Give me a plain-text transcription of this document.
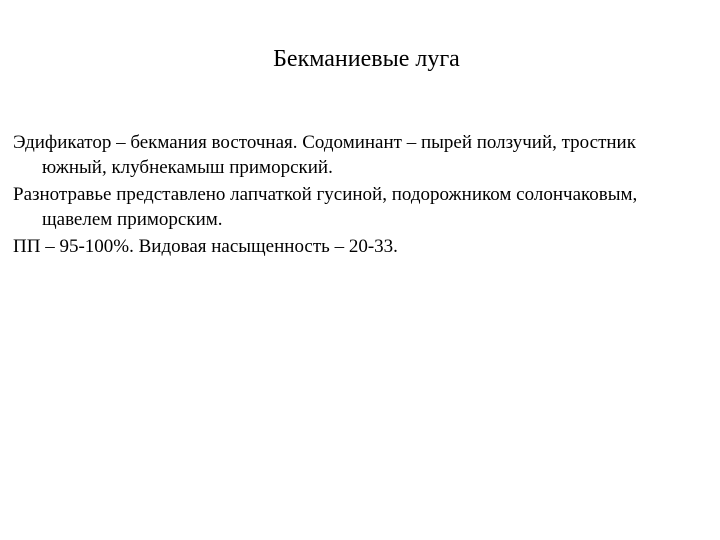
Бекманиевые луга
Эдификатор – бекмания восточная. Содоминант – пырей ползучий, тростник южный, клубнекамыш приморский.
Разнотравье представлено лапчаткой гусиной, подорожником солончаковым, щавелем приморским.
ПП – 95-100%. Видовая насыщенность – 20-33.
